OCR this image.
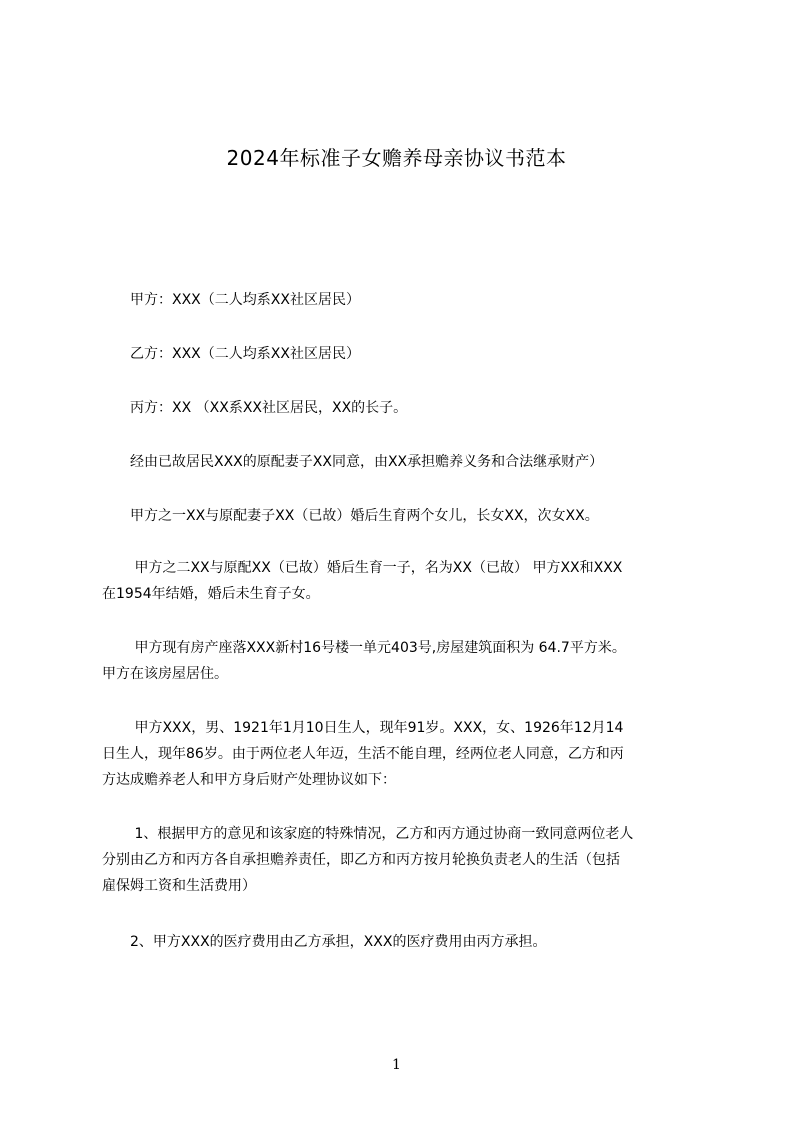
2024年标准子女赡养母亲协议书范本
　　甲方：XXX（二人均系XX社区居民）
　　乙方：XXX（二人均系XX社区居民）
　　丙方：XX （XX系XX社区居民，XX的长子。
　　经由已故居民XXX的原配妻子XX同意，由XX承担赡养义务和合法继承财产）
　　甲方之一XX与原配妻子XX（已故）婚后生育两个女儿，长女XX，次女XX。
　　 甲方之二XX与原配XX（已故）婚后生育一子，名为XX（已故） 甲方XX和XXX
在1954年结婚，婚后未生育子女。
　　 甲方现有房产座落XXX新村16号楼一单元403号,房屋建筑面积为 64.7平方米。
甲方在该房屋居住。
　　 甲方XXX，男、1921年1月10日生人，现年91岁。XXX，女、1926年12月14
日生人，现年86岁。由于两位老人年迈，生活不能自理，经两位老人同意，乙方和丙
方达成赡养老人和甲方身后财产处理协议如下：
　　 1、根据甲方的意见和该家庭的特殊情况，乙方和丙方通过协商一致同意两位老人
分别由乙方和丙方各自承担赡养责任，即乙方和丙方按月轮换负责老人的生活（包括
雇保姆工资和生活费用）
　　2、甲方XXX的医疗费用由乙方承担，XXX的医疗费用由丙方承担。
1
